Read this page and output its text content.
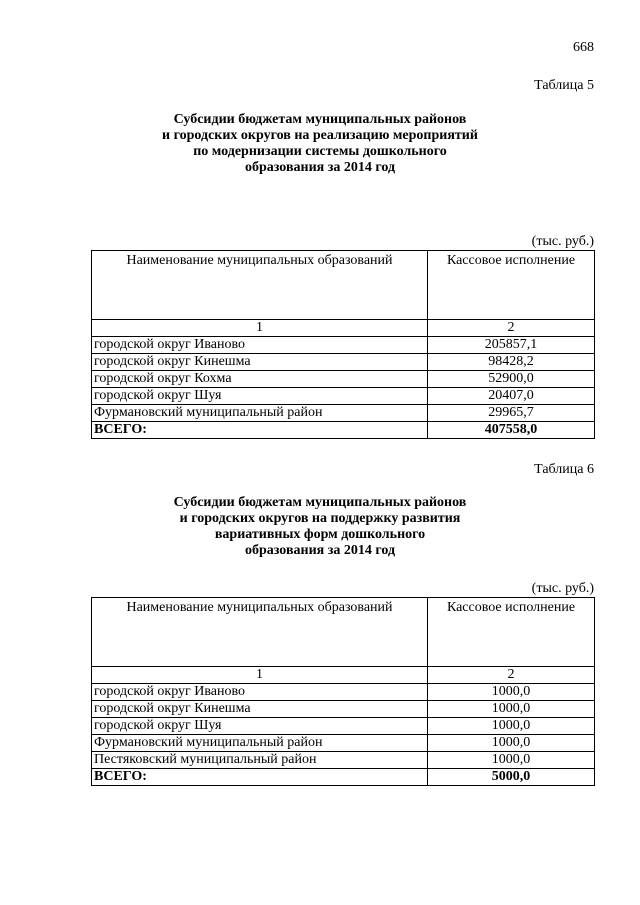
668
Таблица 5
Субсидии бюджетам муниципальных районов
и городских округов на реализацию мероприятий
по модернизации системы дошкольного
образования за 2014 год
(тыс. руб.)
Наименование муниципальных образований	Кассовое исполнение
1	2
городской округ Иваново	205857,1
городской округ Кинешма	98428,2
городской округ Кохма	52900,0
городской округ Шуя	20407,0
Фурмановский муниципальный район	29965,7
ВСЕГО:	407558,0
Таблица 6
Субсидии бюджетам муниципальных районов
и городских округов на поддержку развития
вариативных форм дошкольного
образования за 2014 год
(тыс. руб.)
Наименование муниципальных образований	Кассовое исполнение
1	2
городской округ Иваново	1000,0
городской округ Кинешма	1000,0
городской округ Шуя	1000,0
Фурмановский муниципальный район	1000,0
Пестяковский муниципальный район	1000,0
ВСЕГО:	5000,0
